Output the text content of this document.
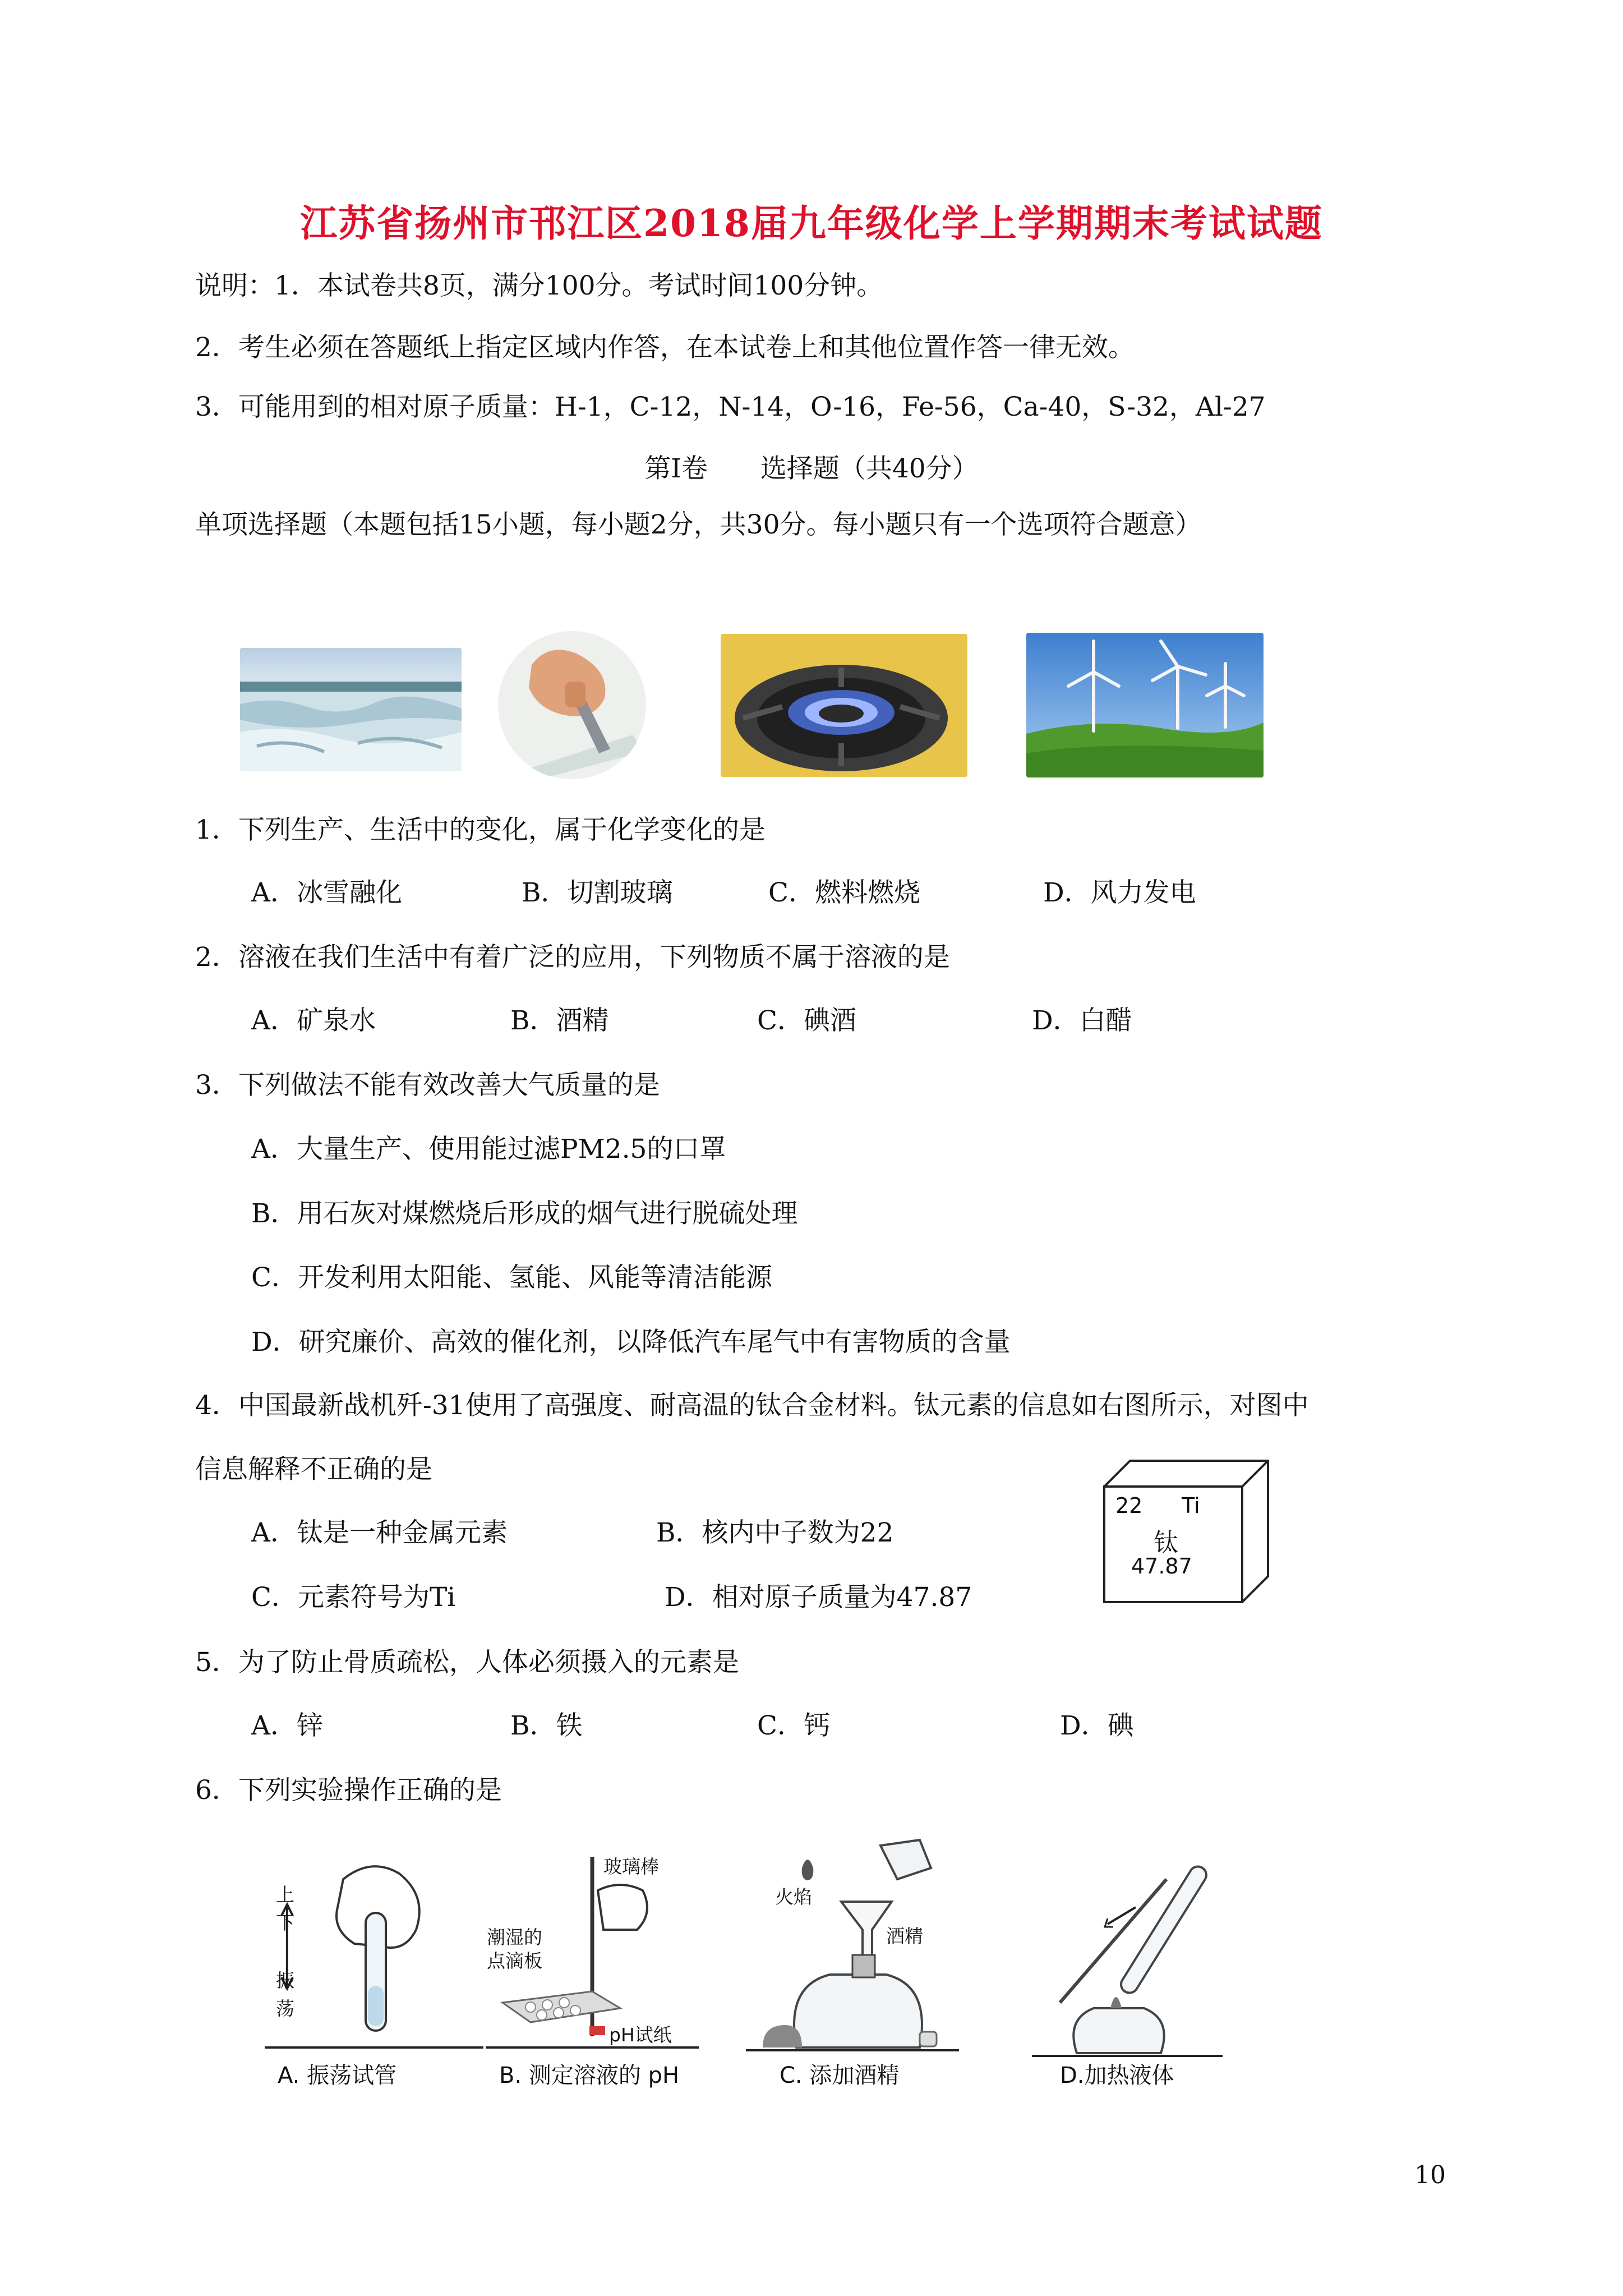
江苏省扬州市邗江区2018届九年级化学上学期期末考试试题
说明：1．本试卷共8页，满分100分。考试时间100分钟。
2．考生必须在答题纸上指定区域内作答，在本试卷上和其他位置作答一律无效。
3．可能用到的相对原子质量：H-1，C-12，N-14，O-16，Fe-56，Ca-40，S-32，Al-27
第Ⅰ卷　　选择题（共40分）
单项选择题（本题包括15小题，每小题2分，共30分。每小题只有一个选项符合题意）
1．下列生产、生活中的变化，属于化学变化的是
A．冰雪融化	B．切割玻璃	C．燃料燃烧	D．风力发电
2．溶液在我们生活中有着广泛的应用，下列物质不属于溶液的是
A．矿泉水	B．酒精	C．碘酒	D．白醋
3．下列做法不能有效改善大气质量的是
A．大量生产、使用能过滤PM2.5的口罩
B．用石灰对煤燃烧后形成的烟气进行脱硫处理
C．开发利用太阳能、氢能、风能等清洁能源
D．研究廉价、高效的催化剂，以降低汽车尾气中有害物质的含量
4．中国最新战机歼-31使用了高强度、耐高温的钛合金材料。钛元素的信息如右图所示，对图中
信息解释不正确的是
A．钛是一种金属元素	B．核内中子数为22
C．元素符号为Ti	D．相对原子质量为47.87
22 Ti
钛
47.87
5．为了防止骨质疏松，人体必须摄入的元素是
A．锌	B．铁	C．钙	D．碘
6．下列实验操作正确的是
上
下
振
荡
A. 振荡试管
玻璃棒
潮湿的
点滴板
pH试纸
B. 测定溶液的 pH
火焰
酒精
C. 添加酒精	D.加热液体
10
